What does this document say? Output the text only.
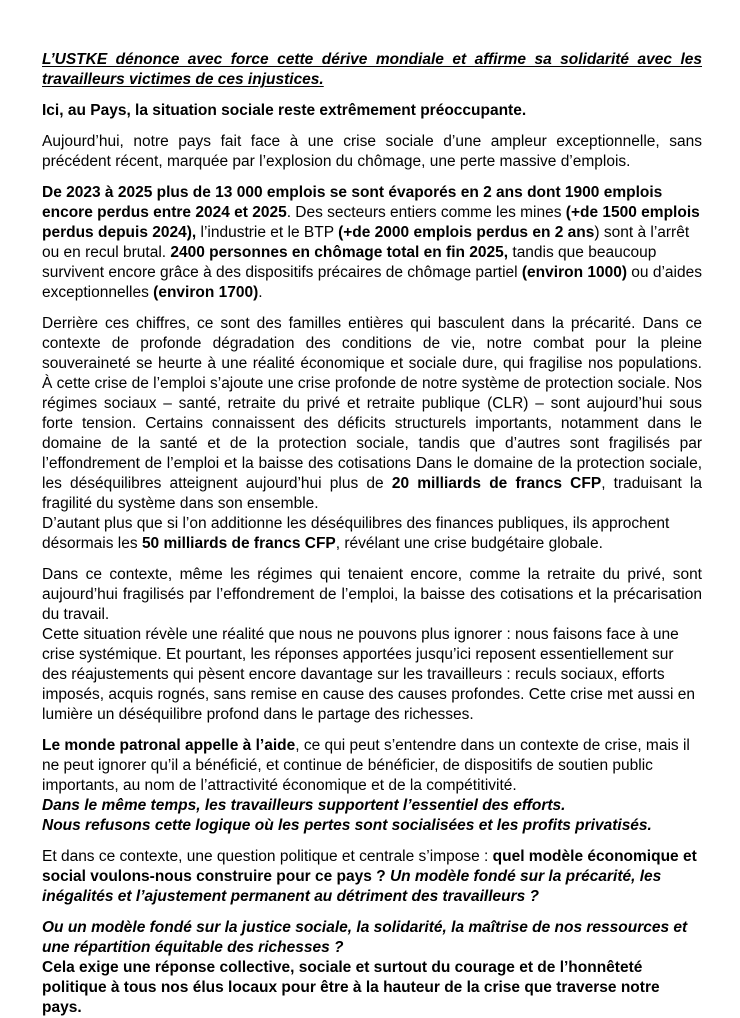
L’USTKE dénonce avec force cette dérive mondiale et affirme sa solidarité avec les travailleurs victimes de ces injustices.

Ici, au Pays, la situation sociale reste extrêmement préoccupante.

Aujourd’hui, notre pays fait face à une crise sociale d’une ampleur exceptionnelle, sans précédent récent, marquée par l’explosion du chômage, une perte massive d’emplois.

De 2023 à 2025 plus de 13 000 emplois se sont évaporés en 2 ans dont 1900 emplois encore perdus entre 2024 et 2025. Des secteurs entiers comme les mines (+de 1500 emplois perdus depuis 2024), l’industrie et le BTP (+de 2000 emplois perdus en 2 ans) sont à l’arrêt ou en recul brutal. 2400 personnes en chômage total en fin 2025, tandis que beaucoup survivent encore grâce à des dispositifs précaires de chômage partiel (environ 1000) ou d’aides exceptionnelles (environ 1700).

Derrière ces chiffres, ce sont des familles entières qui basculent dans la précarité. Dans ce contexte de profonde dégradation des conditions de vie, notre combat pour la pleine souveraineté se heurte à une réalité économique et sociale dure, qui fragilise nos populations. À cette crise de l’emploi s’ajoute une crise profonde de notre système de protection sociale. Nos régimes sociaux – santé, retraite du privé et retraite publique (CLR) – sont aujourd’hui sous forte tension. Certains connaissent des déficits structurels importants, notamment dans le domaine de la santé et de la protection sociale, tandis que d’autres sont fragilisés par l’effondrement de l’emploi et la baisse des cotisations Dans le domaine de la protection sociale, les déséquilibres atteignent aujourd’hui plus de 20 milliards de francs CFP, traduisant la fragilité du système dans son ensemble.

D’autant plus que si l’on additionne les déséquilibres des finances publiques, ils approchent désormais les 50 milliards de francs CFP, révélant une crise budgétaire globale.

Dans ce contexte, même les régimes qui tenaient encore, comme la retraite du privé, sont aujourd’hui fragilisés par l’effondrement de l’emploi, la baisse des cotisations et la précarisation du travail.

Cette situation révèle une réalité que nous ne pouvons plus ignorer : nous faisons face à une crise systémique. Et pourtant, les réponses apportées jusqu’ici reposent essentiellement sur des réajustements qui pèsent encore davantage sur les travailleurs : reculs sociaux, efforts imposés, acquis rognés, sans remise en cause des causes profondes. Cette crise met aussi en lumière un déséquilibre profond dans le partage des richesses.

Le monde patronal appelle à l’aide, ce qui peut s’entendre dans un contexte de crise, mais il ne peut ignorer qu’il a bénéficié, et continue de bénéficier, de dispositifs de soutien public importants, au nom de l’attractivité économique et de la compétitivité.

Dans le même temps, les travailleurs supportent l’essentiel des efforts.

Nous refusons cette logique où les pertes sont socialisées et les profits privatisés.

Et dans ce contexte, une question politique et centrale s’impose : quel modèle économique et social voulons-nous construire pour ce pays ? Un modèle fondé sur la précarité, les inégalités et l’ajustement permanent au détriment des travailleurs ?

Ou un modèle fondé sur la justice sociale, la solidarité, la maîtrise de nos ressources et une répartition équitable des richesses ?

Cela exige une réponse collective, sociale et surtout du courage et de l’honnêteté politique à tous nos élus locaux pour être à la hauteur de la crise que traverse notre pays.
